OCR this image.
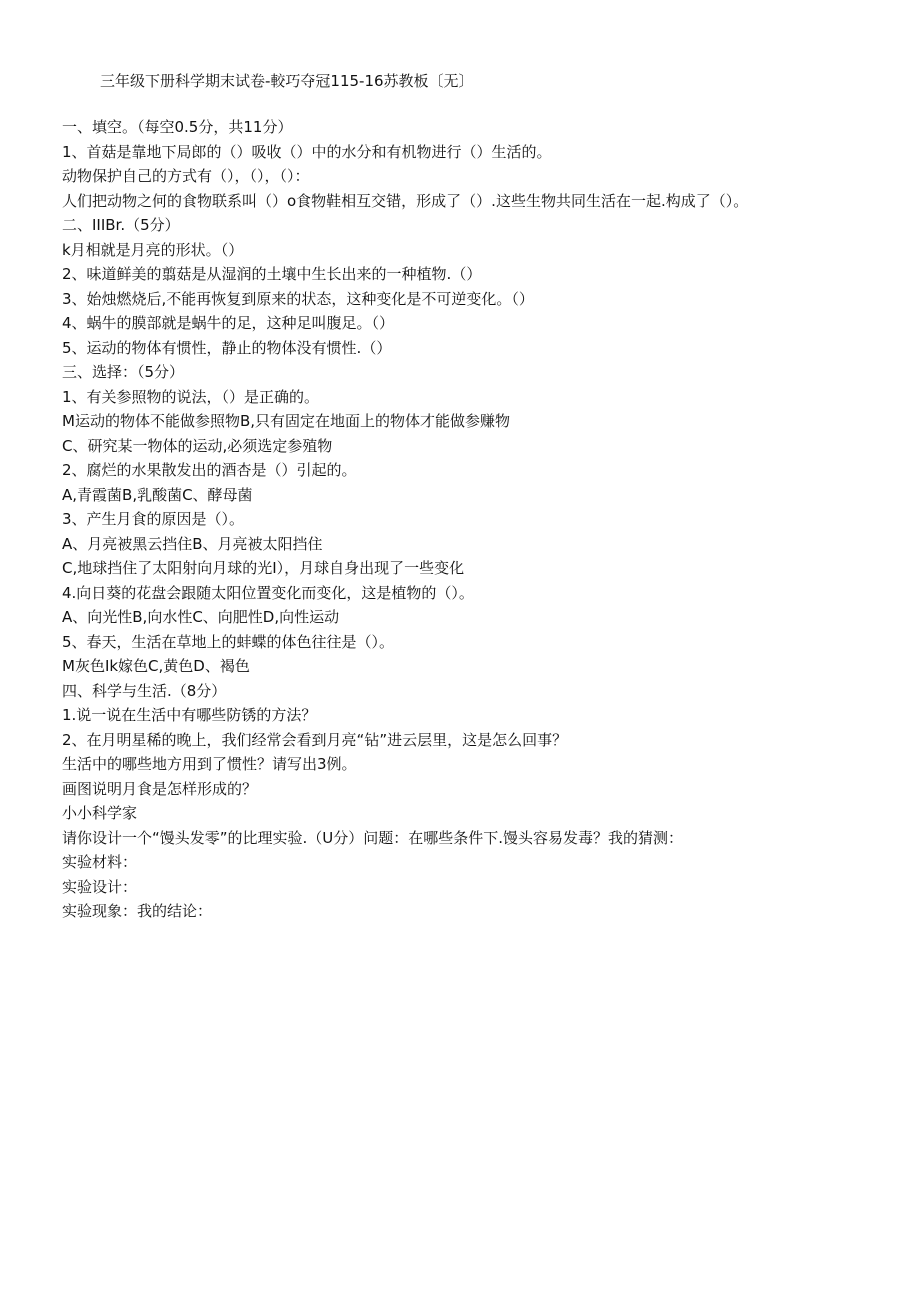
三年级下册科学期末试卷-較巧夺冠115-16苏教板〔无〕
一、填空。（每空0.5分，共11分）
1、首菇是靠地下局郎的（）吸收（）中的水分和有机物进行（）生活的。
动物保护自己的方式有（），（），（）：
人们把动物之何的食物联系叫（）o食物鞋相互交错，形成了（）.这些生物共同生活在一起.构成了（）。
二、IIIBr.（5分）
k月相就是月亮的形状。（）
2、味道鲜美的翦菇是从湿润的土壤中生长出来的一种植物.（）
3、始烛燃烧后,不能再恢复到原来的状态，这种变化是不可逆变化。（）
4、蜗牛的膜部就是蜗牛的足，这种足叫腹足。（）
5、运动的物体有惯性，静止的物体没有惯性.（）
三、选择：（5分）
1、有关参照物的说法，（）是正确的。
M运动的物体不能做参照物B,只有固定在地面上的物体才能做参赚物
C、研究某一物体的运动,必须选定参殖物
2、腐烂的水果散发出的酒杏是（）引起的。
A,青霞菌B,乳酸菌C、酵母菌
3、产生月食的原因是（）。
A、月亮被黑云挡住B、月亮被太阳挡住
C,地球挡住了太阳射向月球的光I），月球自身出现了一些变化
4.向日葵的花盘会跟随太阳位置变化而变化，这是植物的（）。
A、向光性B,向水性C、向肥性D,向性运动
5、春天，生活在草地上的蚌蝶的体色往往是（）。
M灰色Ik嫁色C,黄色D、褐色
四、科学与生活.（8分）
1.说一说在生活中有哪些防锈的方法？
2、在月明星稀的晚上，我们经常会看到月亮“钻”进云层里，这是怎么回事？
生活中的哪些地方用到了惯性？请写出3例。
画图说明月食是怎样形成的？
小小科学家
请你设计一个“馒头发零”的比理实验.（U分）问题：在哪些条件下.馒头容易发毒？我的猜测：
实验材料：
实验设计：
实验现象：我的结论：
